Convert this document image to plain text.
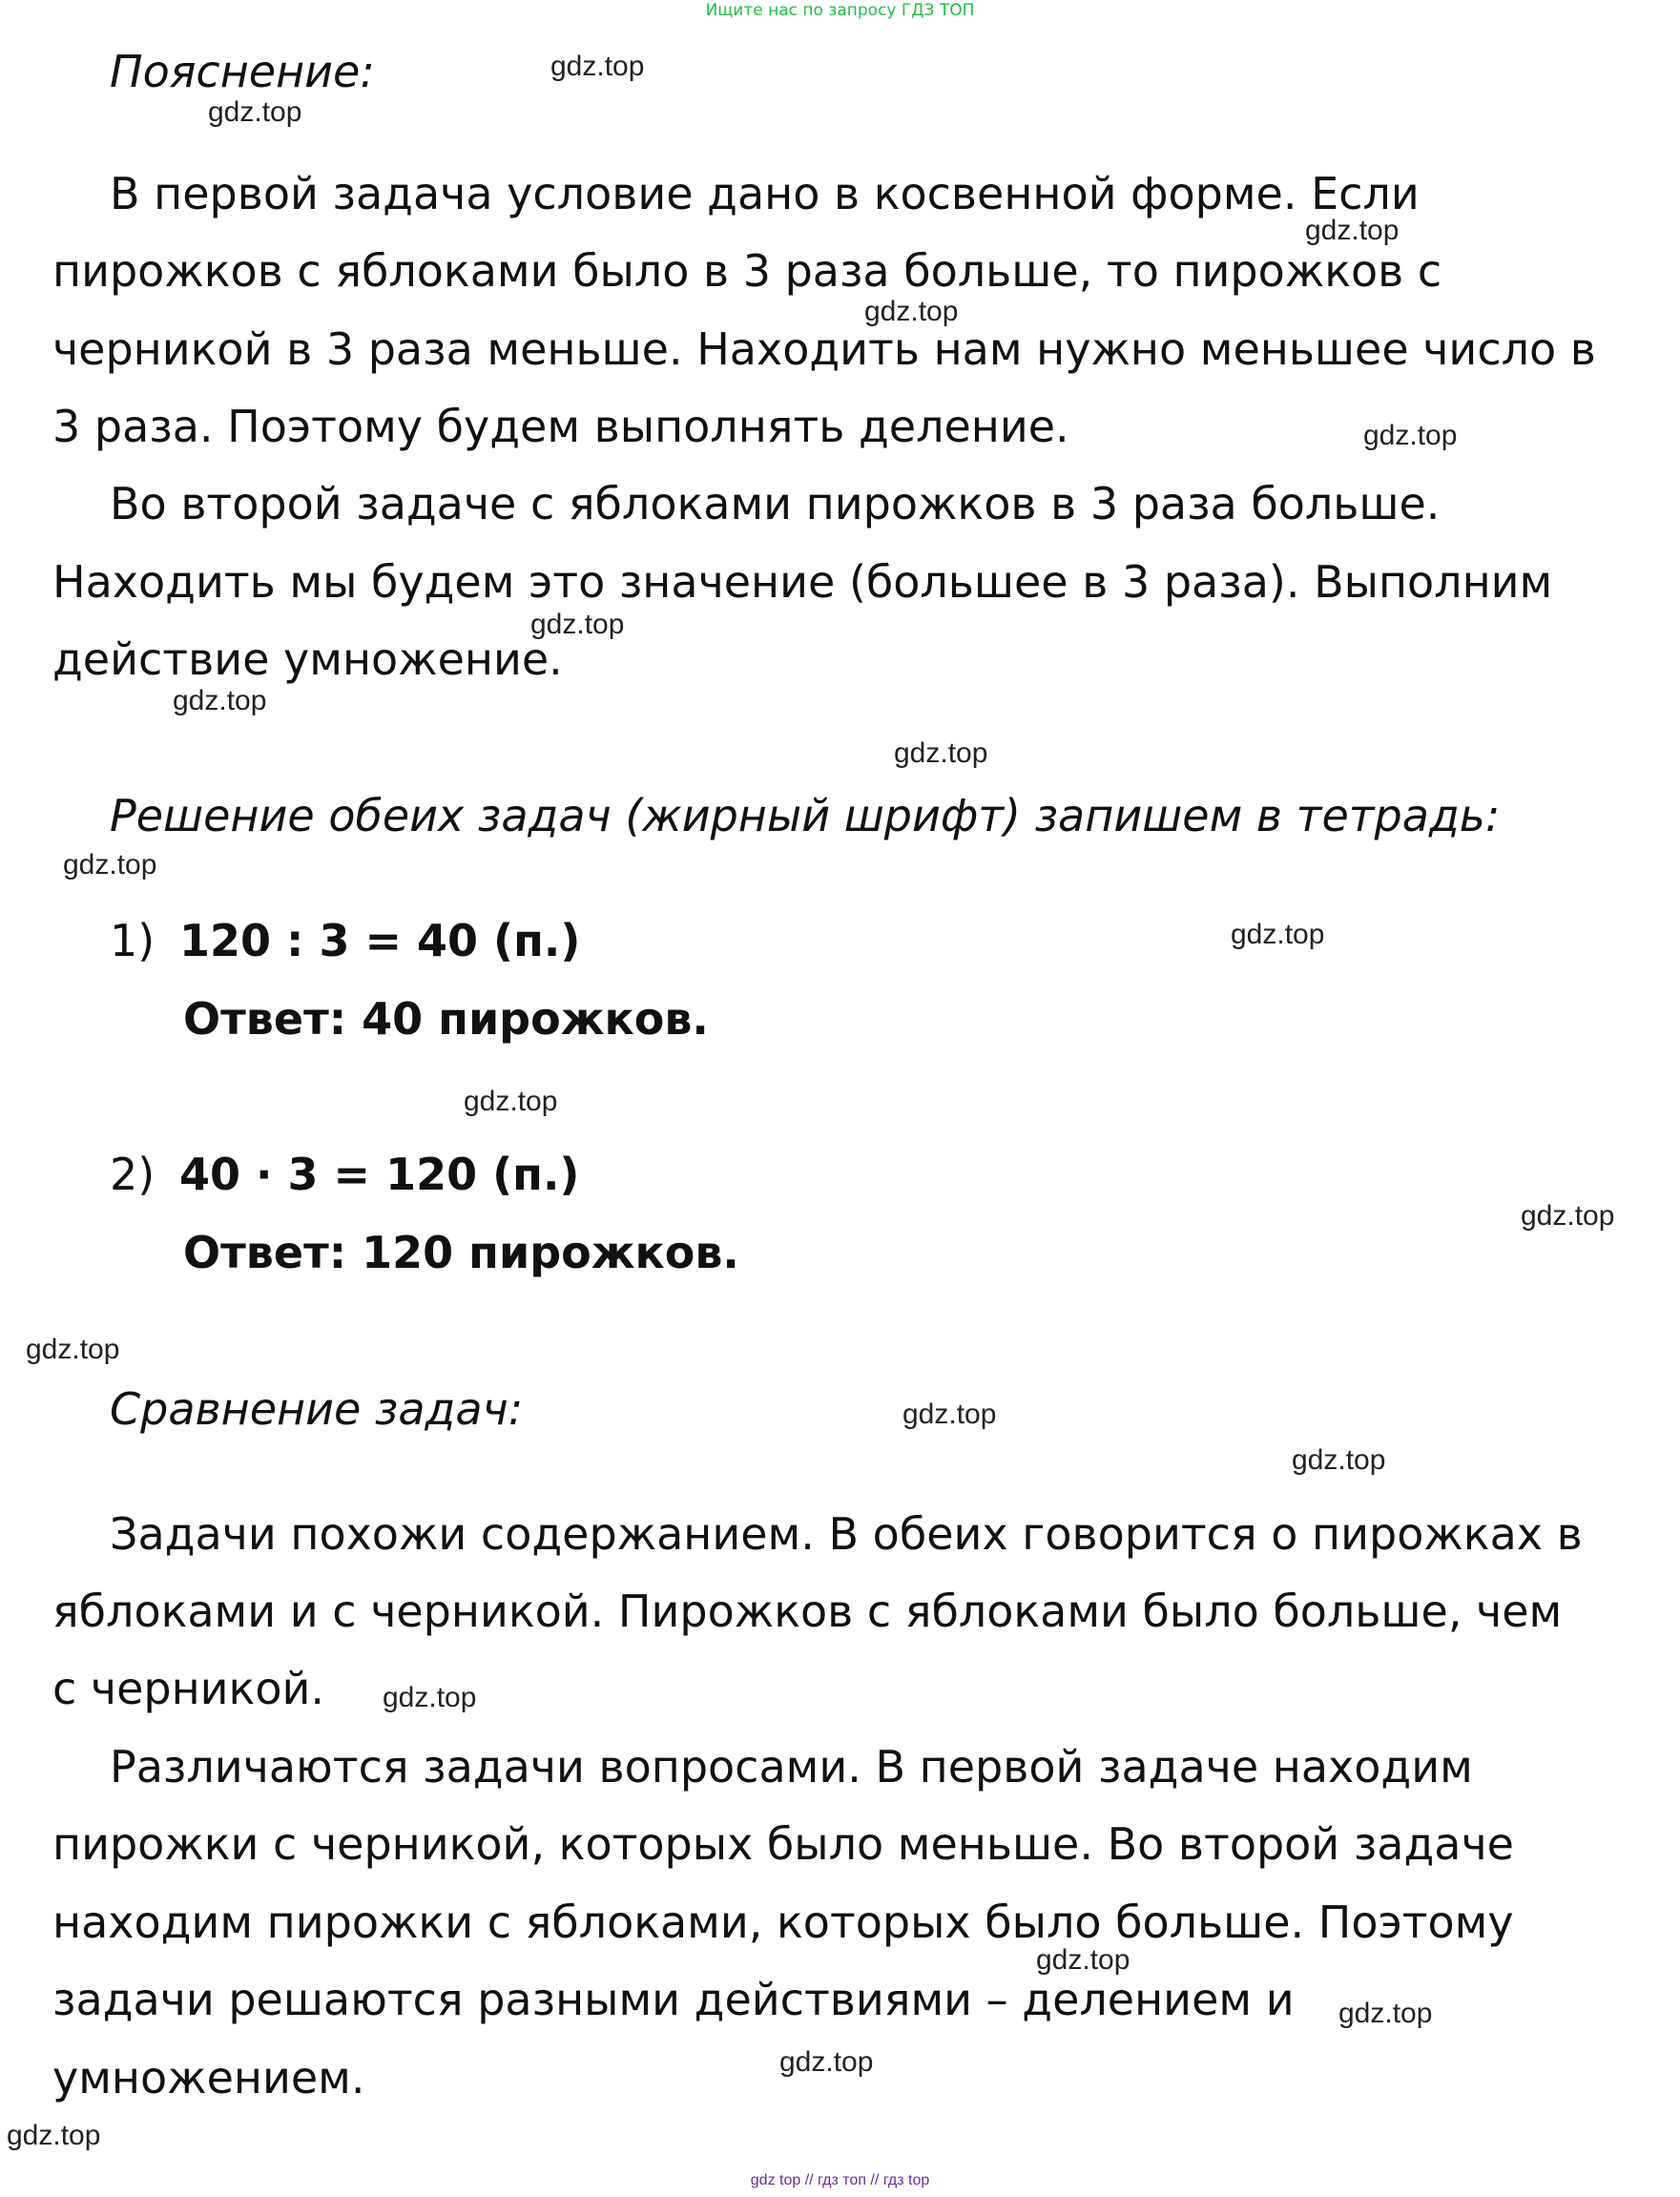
Ищите нас по запросу ГДЗ ТОП
Пояснение:
В первой задача условие дано в косвенной форме. Если
пирожков с яблоками было в 3 раза больше, то пирожков с
черникой в 3 раза меньше. Находить нам нужно меньшее число в
3 раза. Поэтому будем выполнять деление.
Во второй задаче с яблоками пирожков в 3 раза больше.
Находить мы будем это значение (большее в 3 раза). Выполним
действие умножение.
Решение обеих задач (жирный шрифт) запишем в тетрадь:
1) 120 : 3 = 40 (п.)
Ответ: 40 пирожков.
2) 40 · 3 = 120 (п.)
Ответ: 120 пирожков.
Сравнение задач:
Задачи похожи содержанием. В обеих говорится о пирожках в
яблоками и с черникой. Пирожков с яблоками было больше, чем
с черникой.
Различаются задачи вопросами. В первой задаче находим
пирожки с черникой, которых было меньше. Во второй задаче
находим пирожки с яблоками, которых было больше. Поэтому
задачи решаются разными действиями – делением и
умножением.
gdz.top
gdz.top
gdz.top
gdz.top
gdz.top
gdz.top
gdz.top
gdz.top
gdz.top
gdz.top
gdz.top
gdz.top
gdz.top
gdz.top
gdz.top
gdz.top
gdz.top
gdz.top
gdz.top
gdz.top
gdz top // гдз топ // гдз top
